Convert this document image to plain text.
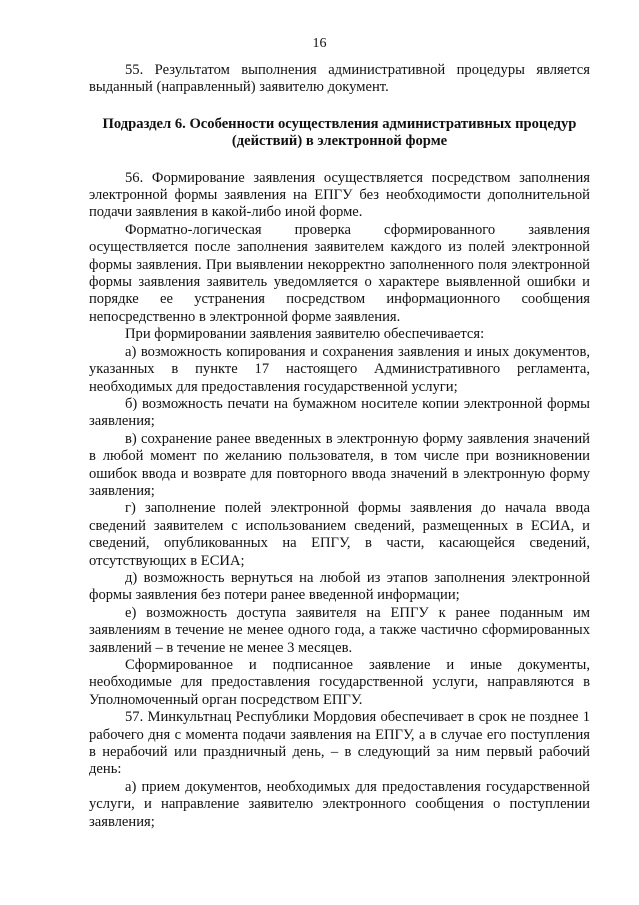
16

55. Результатом выполнения административной процедуры является выданный (направленный) заявителю документ.

Подраздел 6. Особенности осуществления административных процедур (действий) в электронной форме

56. Формирование заявления осуществляется посредством заполнения электронной формы заявления на ЕПГУ без необходимости дополнительной подачи заявления в какой-либо иной форме.

Форматно-логическая проверка сформированного заявления осуществляется после заполнения заявителем каждого из полей электронной формы заявления. При выявлении некорректно заполненного поля электронной формы заявления заявитель уведомляется о характере выявленной ошибки и порядке ее устранения посредством информационного сообщения непосредственно в электронной форме заявления.

При формировании заявления заявителю обеспечивается:

а) возможность копирования и сохранения заявления и иных документов, указанных в пункте 17 настоящего Административного регламента, необходимых для предоставления государственной услуги;

б) возможность печати на бумажном носителе копии электронной формы заявления;

в) сохранение ранее введенных в электронную форму заявления значений в любой момент по желанию пользователя, в том числе при возникновении ошибок ввода и возврате для повторного ввода значений в электронную форму заявления;

г) заполнение полей электронной формы заявления до начала ввода сведений заявителем с использованием сведений, размещенных в ЕСИА, и сведений, опубликованных на ЕПГУ, в части, касающейся сведений, отсутствующих в ЕСИА;

д) возможность вернуться на любой из этапов заполнения электронной формы заявления без потери ранее введенной информации;

е) возможность доступа заявителя на ЕПГУ к ранее поданным им заявлениям в течение не менее одного года, а также частично сформированных заявлений – в течение не менее 3 месяцев.

Сформированное и подписанное заявление и иные документы, необходимые для предоставления государственной услуги, направляются в Уполномоченный орган посредством ЕПГУ.

57. Минкультнац Республики Мордовия обеспечивает в срок не позднее 1 рабочего дня с момента подачи заявления на ЕПГУ, а в случае его поступления в нерабочий или праздничный день, – в следующий за ним первый рабочий день:

а) прием документов, необходимых для предоставления государственной услуги, и направление заявителю электронного сообщения о поступлении заявления;
